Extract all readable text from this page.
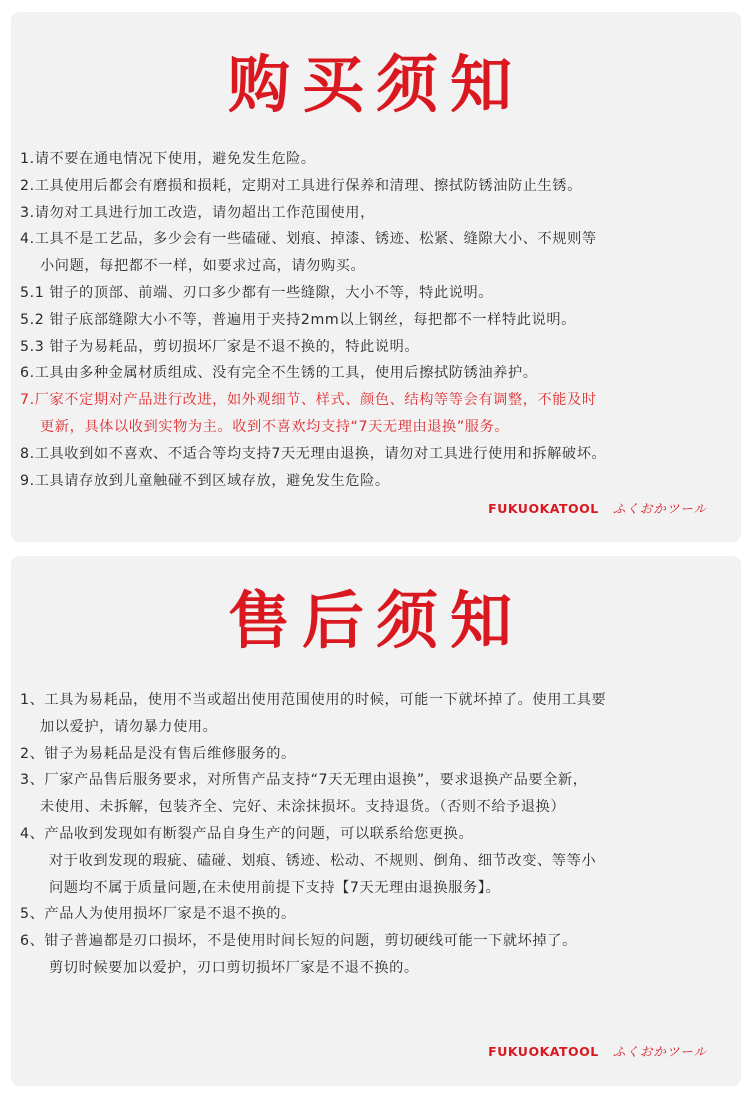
购买须知
1.请不要在通电情况下使用，避免发生危险。
2.工具使用后都会有磨损和损耗，定期对工具进行保养和清理、擦拭防锈油防止生锈。
3.请勿对工具进行加工改造，请勿超出工作范围使用，
4.工具不是工艺品，多少会有一些磕碰、划痕、掉漆、锈迹、松紧、缝隙大小、不规则等
小问题，每把都不一样，如要求过高，请勿购买。
5.1 钳子的顶部、前端、刃口多少都有一些缝隙，大小不等，特此说明。
5.2 钳子底部缝隙大小不等，普遍用于夹持2mm以上钢丝，每把都不一样特此说明。
5.3 钳子为易耗品，剪切损坏厂家是不退不换的，特此说明。
6.工具由多种金属材质组成、没有完全不生锈的工具，使用后擦拭防锈油养护。
7.厂家不定期对产品进行改进，如外观细节、样式、颜色、结构等等会有调整，不能及时
更新，具体以收到实物为主。收到不喜欢均支持“7天无理由退换”服务。
8.工具收到如不喜欢、不适合等均支持7天无理由退换，请勿对工具进行使用和拆解破坏。
9.工具请存放到儿童触碰不到区域存放，避免发生危险。
FUKUOKATOOL ふくおかツール
售后须知
1、工具为易耗品，使用不当或超出使用范围使用的时候，可能一下就坏掉了。使用工具要
加以爱护，请勿暴力使用。
2、钳子为易耗品是没有售后维修服务的。
3、厂家产品售后服务要求，对所售产品支持“7天无理由退换”，要求退换产品要全新，
未使用、未拆解，包装齐全、完好、未涂抹损坏。支持退货。（否则不给予退换）
4、产品收到发现如有断裂产品自身生产的问题，可以联系给您更换。
对于收到发现的瑕疵、磕碰、划痕、锈迹、松动、不规则、倒角、细节改变、等等小
问题均不属于质量问题,在未使用前提下支持【7天无理由退换服务】。
5、产品人为使用损坏厂家是不退不换的。
6、钳子普遍都是刃口损坏，不是使用时间长短的问题，剪切硬线可能一下就坏掉了。
剪切时候要加以爱护，刃口剪切损坏厂家是不退不换的。
FUKUOKATOOL ふくおかツール
